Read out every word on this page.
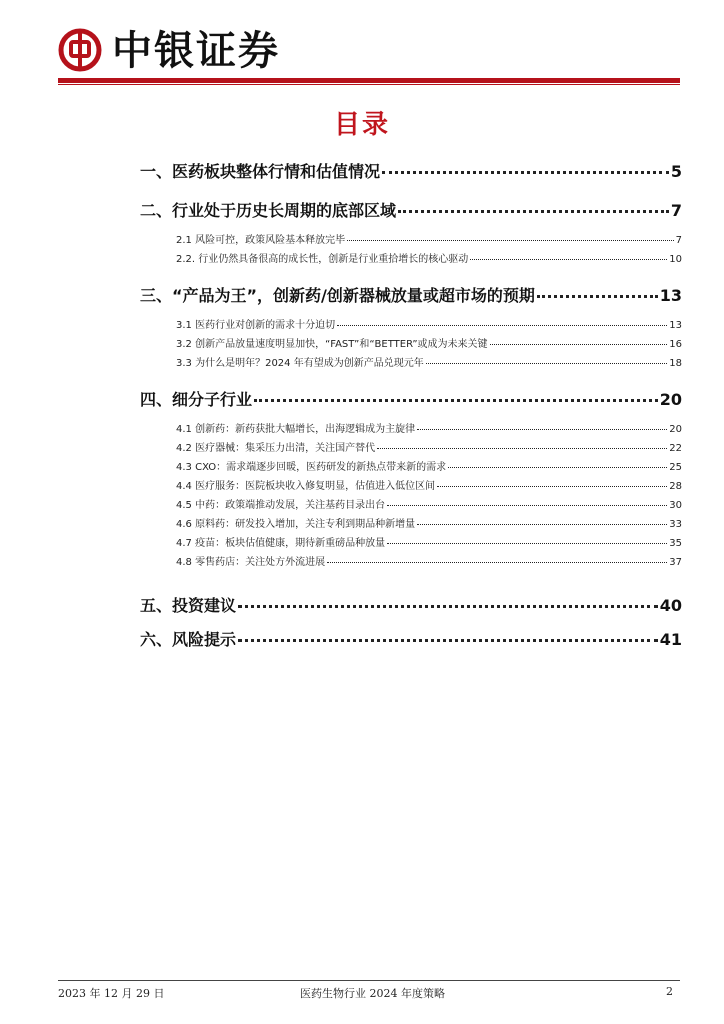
中银证券
目录
一、医药板块整体行情和估值情况	5
二、行业处于历史长周期的底部区域	7
2.1 风险可控，政策风险基本释放完毕	7
2.2. 行业仍然具备很高的成长性，创新是行业重拾增长的核心驱动	10
三、“产品为王”，创新药/创新器械放量或超市场的预期	13
3.1 医药行业对创新的需求十分迫切	13
3.2 创新产品放量速度明显加快，“FAST”和“BETTER”或成为未来关键	16
3.3 为什么是明年？2024 年有望成为创新产品兑现元年	18
四、细分子行业	20
4.1 创新药：新药获批大幅增长，出海逻辑成为主旋律	20
4.2 医疗器械：集采压力出清，关注国产替代	22
4.3 CXO：需求端逐步回暖，医药研发的新热点带来新的需求	25
4.4 医疗服务：医院板块收入修复明显，估值进入低位区间	28
4.5 中药：政策端推动发展，关注基药目录出台	30
4.6 原料药：研发投入增加，关注专利到期品种新增量	33
4.7 疫苗：板块估值健康，期待新重磅品种放量	35
4.8 零售药店：关注处方外流进展	37
五、投资建议	40
六、风险提示	41
2023 年 12 月 29 日	医药生物行业 2024 年度策略	2
